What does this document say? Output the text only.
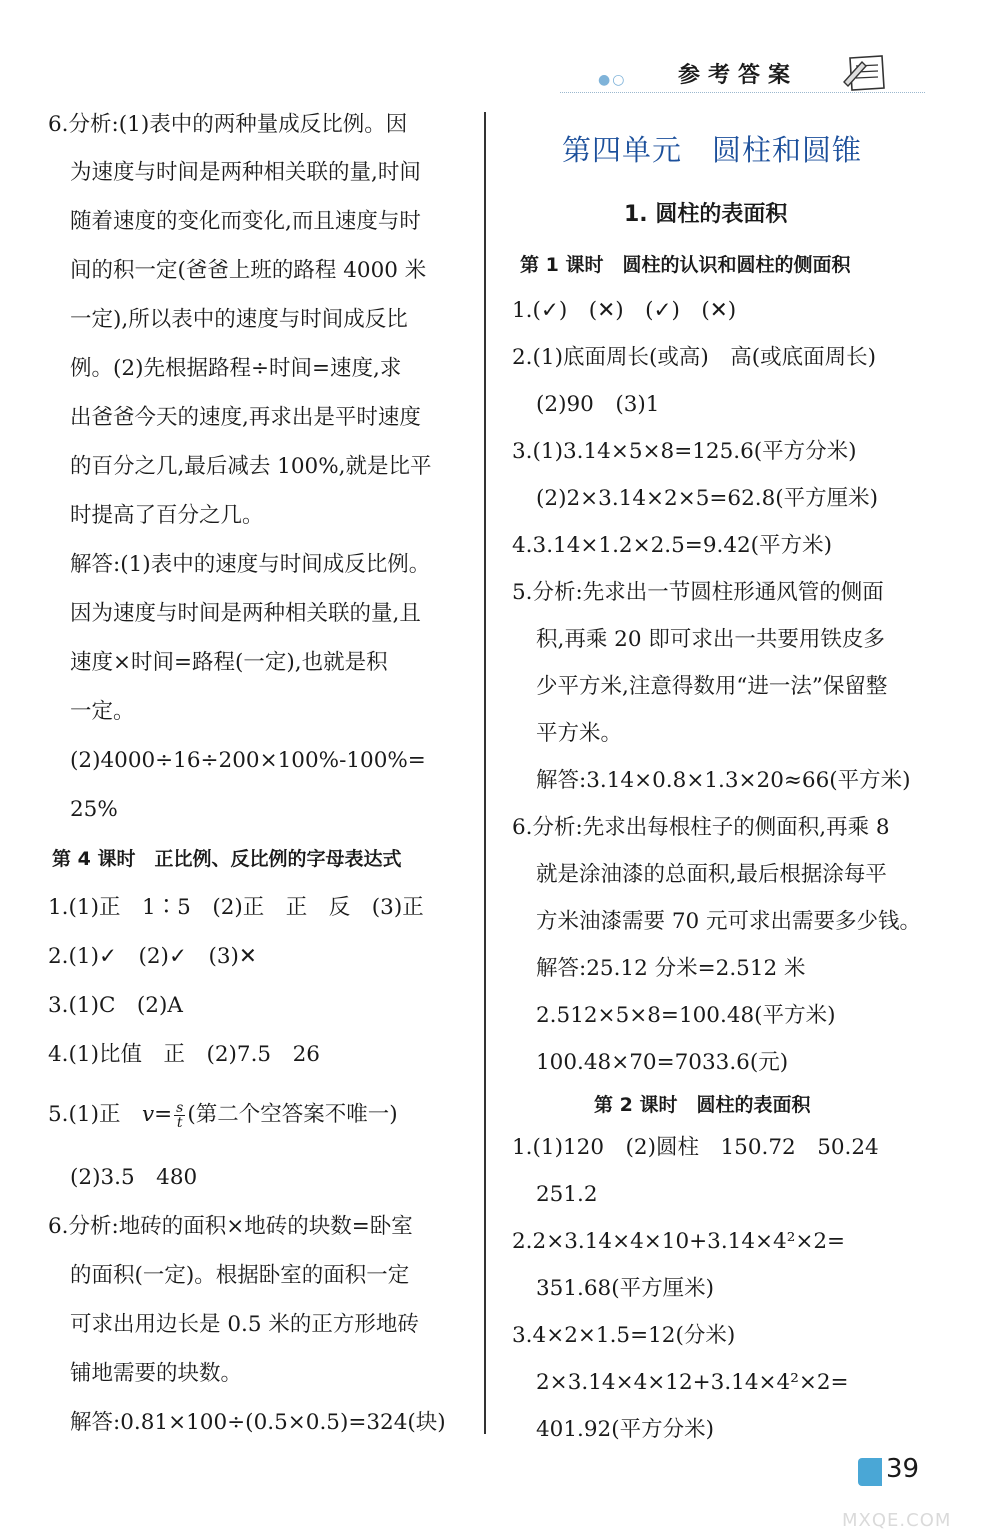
●○ 参考答案
6.分析:(1)表中的两种量成反比例。因
为速度与时间是两种相关联的量,时间
随着速度的变化而变化,而且速度与时
间的积一定(爸爸上班的路程 4000 米
一定),所以表中的速度与时间成反比
例。(2)先根据路程÷时间=速度,求
出爸爸今天的速度,再求出是平时速度
的百分之几,最后减去 100%,就是比平
时提高了百分之几。
解答:(1)表中的速度与时间成反比例。
因为速度与时间是两种相关联的量,且
速度×时间=路程(一定),也就是积
一定。
(2)4000÷16÷200×100%-100%=
25%
第 4 课时　正比例、反比例的字母表达式
1.(1)正　1∶5　(2)正　正　反　(3)正
2.(1)✓　(2)✓　(3)✕
3.(1)C　(2)A
4.(1)比值　正　(2)7.5　26
(2)3.5　480
6.分析:地砖的面积×地砖的块数=卧室
的面积(一定)。根据卧室的面积一定
可求出用边长是 0.5 米的正方形地砖
铺地需要的块数。
解答:0.81×100÷(0.5×0.5)=324(块)
5.(1)正　$v= \frac{s}{t}$ (第二个空答案不唯一)
第四单元　圆柱和圆锥
1. 圆柱的表面积
第 1 课时　圆柱的认识和圆柱的侧面积
1.(✓)　(✕)　(✓)　(✕)
2.(1)底面周长(或高)　高(或底面周长)
(2)90　(3)1
3.(1)3.14×5×8=125.6(平方分米)
(2)2×3.14×2×5=62.8(平方厘米)
4.3.14×1.2×2.5=9.42(平方米)
5.分析:先求出一节圆柱形通风管的侧面
积,再乘 20 即可求出一共要用铁皮多
少平方米,注意得数用“进一法”保留整
平方米。
解答:3.14×0.8×1.3×20≈66(平方米)
6.分析:先求出每根柱子的侧面积,再乘 8
就是涂油漆的总面积,最后根据涂每平
方米油漆需要 70 元可求出需要多少钱。
解答:25.12 分米=2.512 米
2.512×5×8=100.48(平方米)
100.48×70=7033.6(元)
第 2 课时　圆柱的表面积
1.(1)120　(2)圆柱　150.72　50.24
251.2
2.2×3.14×4×10+3.14×4²×2=
351.68(平方厘米)
3.4×2×1.5=12(分米)
2×3.14×4×12+3.14×4²×2=
401.92(平方分米)
39
MXQE.COM
